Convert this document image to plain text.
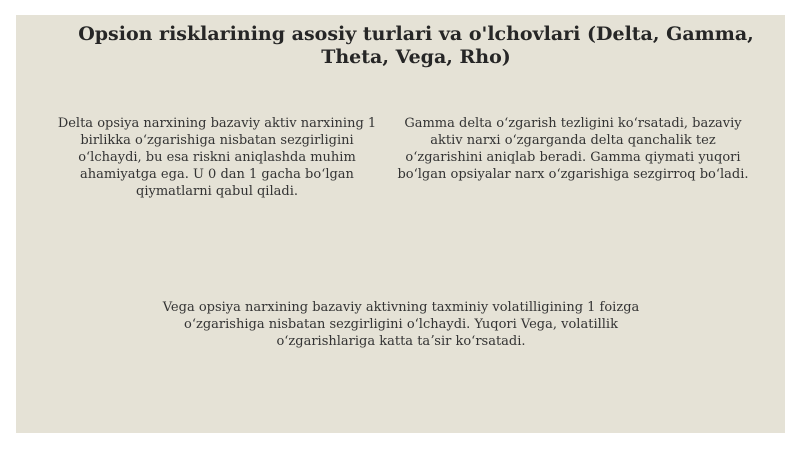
Opsion risklarining asosiy turlari va o'lchovlari (Delta, Gamma, Theta, Vega, Rho)

Delta opsiya narxining bazaviy aktiv narxining 1 birlikka oʻzgarishiga nisbatan sezgirligini oʻlchaydi, bu esa riskni aniqlashda muhim ahamiyatga ega. U 0 dan 1 gacha boʻlgan qiymatlarni qabul qiladi.

Gamma delta oʻzgarish tezligini koʻrsatadi, bazaviy aktiv narxi oʻzgarganda delta qanchalik tez oʻzgarishini aniqlab beradi. Gamma qiymati yuqori boʻlgan opsiyalar narx oʻzgarishiga sezgirroq boʻladi.

Vega opsiya narxining bazaviy aktivning taxminiy volatilligining 1 foizga oʻzgarishiga nisbatan sezgirligini oʻlchaydi. Yuqori Vega, volatillik oʻzgarishlariga katta taʼsir koʻrsatadi.
